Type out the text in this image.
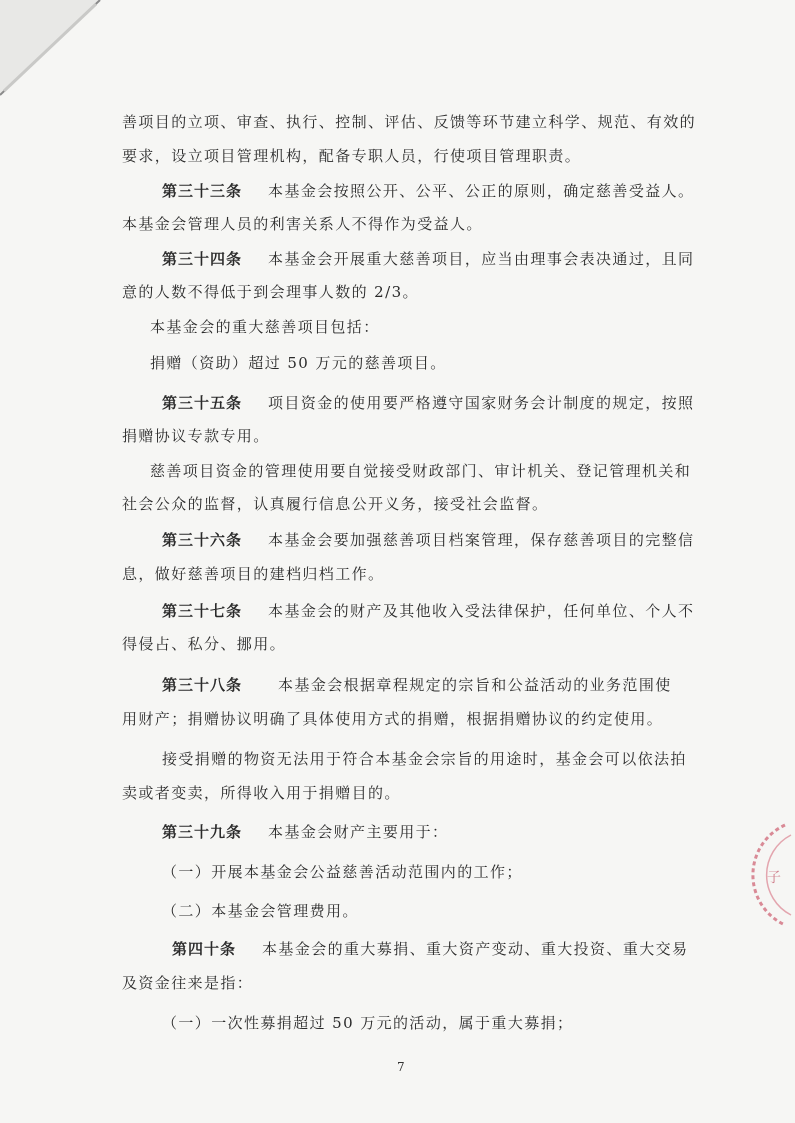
善项目的立项、审查、执行、控制、评估、反馈等环节建立科学、规范、有效的
要求，设立项目管理机构，配备专职人员，行使项目管理职责。
第三十三条 本基金会按照公开、公平、公正的原则，确定慈善受益人。
本基金会管理人员的利害关系人不得作为受益人。
第三十四条 本基金会开展重大慈善项目，应当由理事会表决通过，且同
意的人数不得低于到会理事人数的 2/3。
本基金会的重大慈善项目包括：
捐赠（资助）超过 50 万元的慈善项目。
第三十五条 项目资金的使用要严格遵守国家财务会计制度的规定，按照
捐赠协议专款专用。
慈善项目资金的管理使用要自觉接受财政部门、审计机关、登记管理机关和
社会公众的监督，认真履行信息公开义务，接受社会监督。
第三十六条 本基金会要加强慈善项目档案管理，保存慈善项目的完整信
息，做好慈善项目的建档归档工作。
第三十七条 本基金会的财产及其他收入受法律保护，任何单位、个人不
得侵占、私分、挪用。
第三十八条 本基金会根据章程规定的宗旨和公益活动的业务范围使
用财产；捐赠协议明确了具体使用方式的捐赠，根据捐赠协议的约定使用。
接受捐赠的物资无法用于符合本基金会宗旨的用途时，基金会可以依法拍
卖或者变卖，所得收入用于捐赠目的。
第三十九条 本基金会财产主要用于：
（一）开展本基金会公益慈善活动范围内的工作；
（二）本基金会管理费用。
第四十条 本基金会的重大募捐、重大资产变动、重大投资、重大交易
及资金往来是指：
（一）一次性募捐超过 50 万元的活动，属于重大募捐；
7
子
